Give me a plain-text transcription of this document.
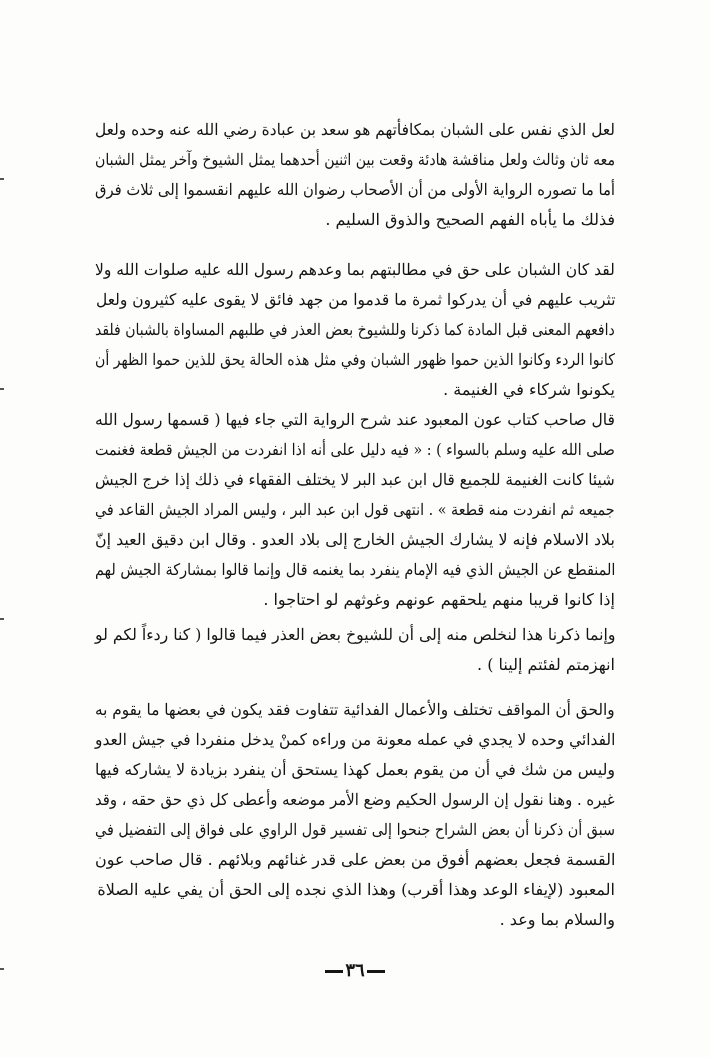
لعل الذي نفس على الشبان بمكافأتهم هو سعد بن عبادة رضي الله عنه وحده ولعل
معه ثان وثالث ولعل مناقشة هادئة وقعت بين اثنين أحدهما يمثل الشيوخ وآخر يمثل الشبان
أما ما تصوره الرواية الأولى من أن الأصحاب رضوان الله عليهم انقسموا إلى ثلاث فرق
فذلك ما يأباه الفهم الصحيح والذوق السليم .
لقد كان الشبان على حق في مطالبتهم بما وعدهم رسول الله عليه صلوات الله ولا
تثريب عليهم في أن يدركوا ثمرة ما قدموا من جهد فائق لا يقوى عليه كثيرون ولعل
دافعهم المعنى قبل المادة كما ذكرنا وللشيوخ بعض العذر في طلبهم المساواة بالشبان فلقد
كانوا الردء وكانوا الذين حموا ظهور الشبان وفي مثل هذه الحالة يحق للذين حموا الظهر أن
يكونوا شركاء في الغنيمة .
قال صاحب كتاب عون المعبود عند شرح الرواية التي جاء فيها ( قسمها رسول الله
صلى الله عليه وسلم بالسواء ) : « فيه دليل على أنه اذا انفردت من الجيش قطعة فغنمت
شيئا كانت الغنيمة للجميع قال ابن عبد البر لا يختلف الفقهاء في ذلك إذا خرج الجيش
جميعه ثم انفردت منه قطعة » . انتهى قول ابن عبد البر ، وليس المراد الجيش القاعد في
بلاد الاسلام فإنه لا يشارك الجيش الخارج إلى بلاد العدو . وقال ابن دقيق العيد إنّ
المنقطع عن الجيش الذي فيه الإمام ينفرد بما يغنمه قال وإنما قالوا بمشاركة الجيش لهم
إذا كانوا قريبا منهم يلحقهم عونهم وغوثهم لو احتاجوا .
وإنما ذكرنا هذا لنخلص منه إلى أن للشيوخ بعض العذر فيما قالوا ( كنا ردءاً لكم لو
انهزمتم لفئتم إلينا ) .
والحق أن المواقف تختلف والأعمال الفدائية تتفاوت فقد يكون في بعضها ما يقوم به
الفدائي وحده لا يجدي في عمله معونة من وراءه كمنْ يدخل منفردا في جيش العدو
وليس من شك في أن من يقوم بعمل كهذا يستحق أن ينفرد بزيادة لا يشاركه فيها
غيره . وهنا نقول إن الرسول الحكيم وضع الأمر موضعه وأعطى كل ذي حق حقه ، وقد
سبق أن ذكرنا أن بعض الشراح جنحوا إلى تفسير قول الراوي على فواق إلى التفضيل في
القسمة فجعل بعضهم أفوق من بعض على قدر غنائهم وبلائهم . قال صاحب عون
المعبود (لإيفاء الوعد وهذا أقرب) وهذا الذي نجده إلى الحق أن يفي عليه الصلاة
والسلام بما وعد .
٣٦
